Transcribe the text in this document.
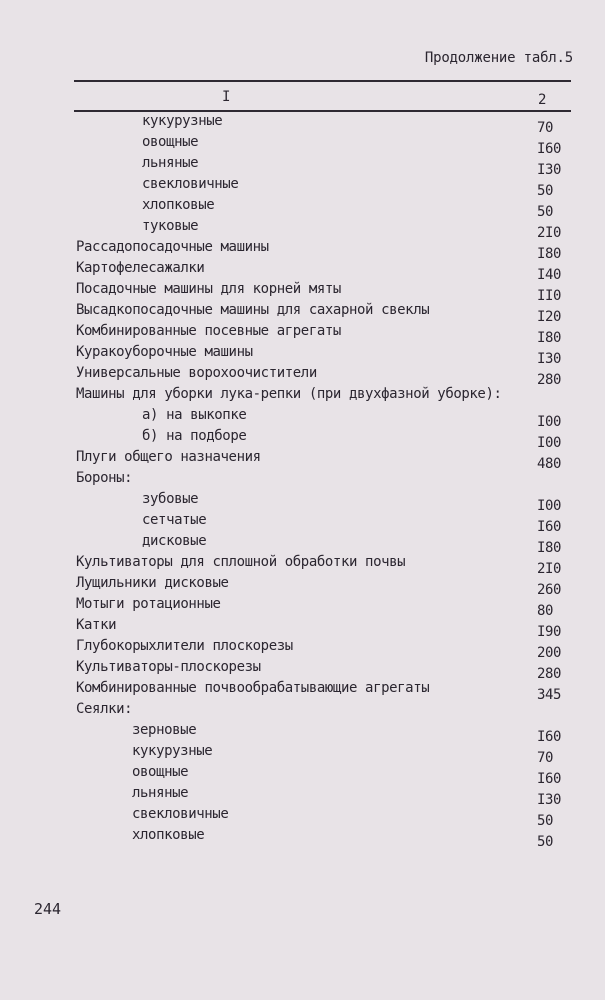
Продолжение табл.5
I	2
кукурузные	70
овощные	I60
льняные	I30
свекловичные	50
хлопковые	50
туковые	2I0
Рассадопосадочные машины	I80
Картофелесажалки	I40
Посадочные машины для корней мяты	II0
Высадкопосадочные машины для сахарной свеклы	I20
Комбинированные посевные агрегаты	I80
Куракоуборочные машины	I30
Универсальные ворохоочистители	280
Машины для уборки лука-репки (при двухфазной уборке):
а) на выкопке	I00
б) на подборе	I00
Плуги общего назначения	480
Бороны:
зубовые	I00
сетчатые	I60
дисковые	I80
Культиваторы для сплошной обработки почвы	2I0
Лущильники дисковые	260
Мотыги ротационные	80
Катки	I90
Глубокорыхлители плоскорезы	200
Культиваторы-плоскорезы	280
Комбинированные почвообрабатывающие агрегаты	345
Сеялки:
зерновые	I60
кукурузные	70
овощные	I60
льняные	I30
свекловичные	50
хлопковые	50
244
